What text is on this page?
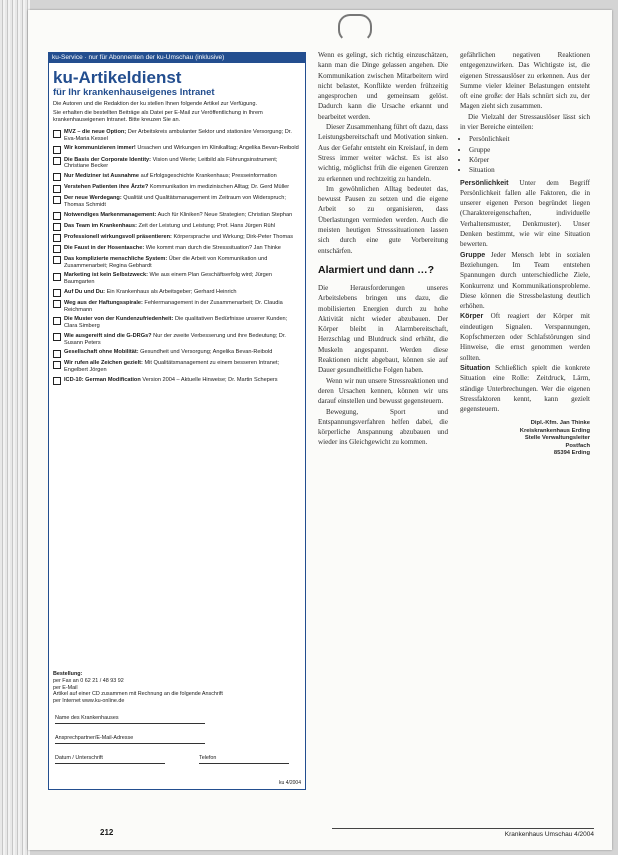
ku-Service · nur für Abonnenten der ku-Umschau (inklusive)
ku-Artikeldienst
für Ihr krankenhauseigenes Intranet

Die Autoren und die Redaktion der ku stellen Ihnen folgende Artikel zur Verfügung.

Sie erhalten die bestellten Beiträge als Datei per E-Mail zur Veröffentlichung in Ihrem krankenhauseigenen Intranet. Bitte kreuzen Sie an.

MVZ – die neue Option; Der Arbeitskreis ambulanter Sektor und stationäre Versorgung; Dr. Eva-Maria Kessel
Wir kommunizieren immer! Ursachen und Wirkungen im Klinikalltag; Angelika Bevan-Reibold
Die Basis der Corporate Identity: Vision und Werte; Leitbild als Führungsinstrument; Christiane Becker
Nur Mediziner ist Ausnahme auf Erfolgsgeschichte Krankenhaus; Presseinformation
Verstehen Patienten ihre Ärzte? Kommunikation im medizinischen Alltag; Dr. Gerd Müller
Der neue Werdegang: Qualität und Qualitätsmanagement im Zeitraum von Widerspruch; Thomas Schmidt
Notwendiges Markenmanagement: Auch für Kliniken? Neue Strategien; Christian Stephan
Das Team im Krankenhaus: Zeit der Leistung und Leistung; Prof. Hans Jürgen Rühl
Professionell wirkungsvoll präsentieren: Körpersprache und Wirkung; Dirk-Peter Thomas
Die Faust in der Hosentasche: Wie kommt man durch die Stresssituation? Jan Thinke
Das komplizierte menschliche System: Über die Arbeit von Kommunikation und Zusammenarbeit; Regina Gebhardt
Marketing ist kein Selbstzweck: Wie aus einem Plan Geschäftserfolg wird; Jürgen Baumgarten
Auf Du und Du: Ein Krankenhaus als Arbeitsgeber; Gerhard Heinrich
Weg aus der Haftungsspirale: Fehlermanagement in der Zusammenarbeit; Dr. Claudia Reichmann
Die Muster von der Kundenzufriedenheit: Die qualitativen Bedürfnisse unserer Kunden; Clara Simberg
Wie ausgereift sind die G-DRGs? Nur der zweite Verbesserung und ihre Bedeutung; Dr. Susann Peters
Gesellschaft ohne Mobilität: Gesundheit und Versorgung; Angelika Bevan-Reibold
Wir rufen alle Zeichen gezielt: Mit Qualitätsmanagement zu einem besseren Intranet; Engelbert Jörgen
ICD-10: German Modification Version 2004 – Aktuelle Hinweise; Dr. Martin Schepers

Bestellung:

per Fax an 0 62 21 / 48 93 92

per E-Mail

Artikel auf einer CD zusammen mit Rechnung an die folgende Anschrift

per Internet www.ku-online.de

Name des Krankenhauses
Ansprechpartner/E-Mail-Adresse
Datum / Unterschrift	Telefon
ku 4/2004

Wenn es gelingt, sich richtig einzuschätzen, kann man die Dinge gelassen angehen. Die Kommunikation zwischen Mitarbeitern wird nicht belastet, Konflikte werden frühzeitig angesprochen und gemeinsam gelöst. Dadurch kann die Ursache erkannt und bearbeitet werden.

Dieser Zusammenhang führt oft dazu, dass Leistungsbereitschaft und Motivation sinken. Aus der Gefahr entsteht ein Kreislauf, in dem Stress immer weiter wächst. Es ist also wichtig, möglichst früh die eigenen Grenzen zu erkennen und rechtzeitig zu handeln.

Im gewöhnlichen Alltag bedeutet das, bewusst Pausen zu setzen und die eigene Arbeit so zu organisieren, dass Überlastungen vermieden werden. Auch die meisten heutigen Stresssituationen lassen sich durch eine gute Vorbereitung entschärfen.

Alarmiert und dann …?

Die Herausforderungen unseres Arbeitslebens bringen uns dazu, die mobilisierten Energien durch zu hohe Aktivität nicht wieder abzubauen. Der Körper bleibt in Alarmbereitschaft, Herzschlag und Blutdruck sind erhöht, die Muskeln angespannt. Werden diese Reaktionen nicht abgebaut, können sie auf Dauer gesundheitliche Folgen haben.

Wenn wir nun unsere Stressreaktionen und deren Ursachen kennen, können wir uns darauf einstellen und bewusst gegensteuern.

Bewegung, Sport und Entspannungsverfahren helfen dabei, die körperliche Anspannung abzubauen und wieder ins Gleichgewicht zu kommen.

gefährlichen negativen Reaktionen entgegenzuwirken. Das Wichtigste ist, die eigenen Stressauslöser zu erkennen. Aus der Summe vieler kleiner Belastungen entsteht oft eine große: der Hals schnürt sich zu, der Magen zieht sich zusammen.

Die Vielzahl der Stressauslöser lässt sich in vier Bereiche einteilen:

• Persönlichkeit
• Gruppe
• Körper
• Situation

Persönlichkeit Unter dem Begriff Persönlichkeit fallen alle Faktoren, die in unserer eigenen Person begründet liegen (Charaktereigenschaften, individuelle Verhaltensmuster, Denkmuster). Unser Denken bestimmt, wie wir eine Situation bewerten.

Gruppe Jeder Mensch lebt in sozialen Beziehungen. Im Team entstehen Spannungen durch unterschiedliche Ziele, Konkurrenz und Kommunikationsprobleme. Diese können die Stressbelastung deutlich erhöhen.

Körper Oft reagiert der Körper mit eindeutigen Signalen. Verspannungen, Kopfschmerzen oder Schlafstörungen sind Hinweise, die ernst genommen werden sollten.

Situation Schließlich spielt die konkrete Situation eine Rolle: Zeitdruck, Lärm, ständige Unterbrechungen. Wer die eigenen Stressfaktoren kennt, kann gezielt gegensteuern.

Dipl.-Kfm. Jan Thinke
Kreiskrankenhaus Erding
Stelle Verwaltungsleiter
Postfach
85394 Erding
212	Krankenhaus Umschau 4/2004
